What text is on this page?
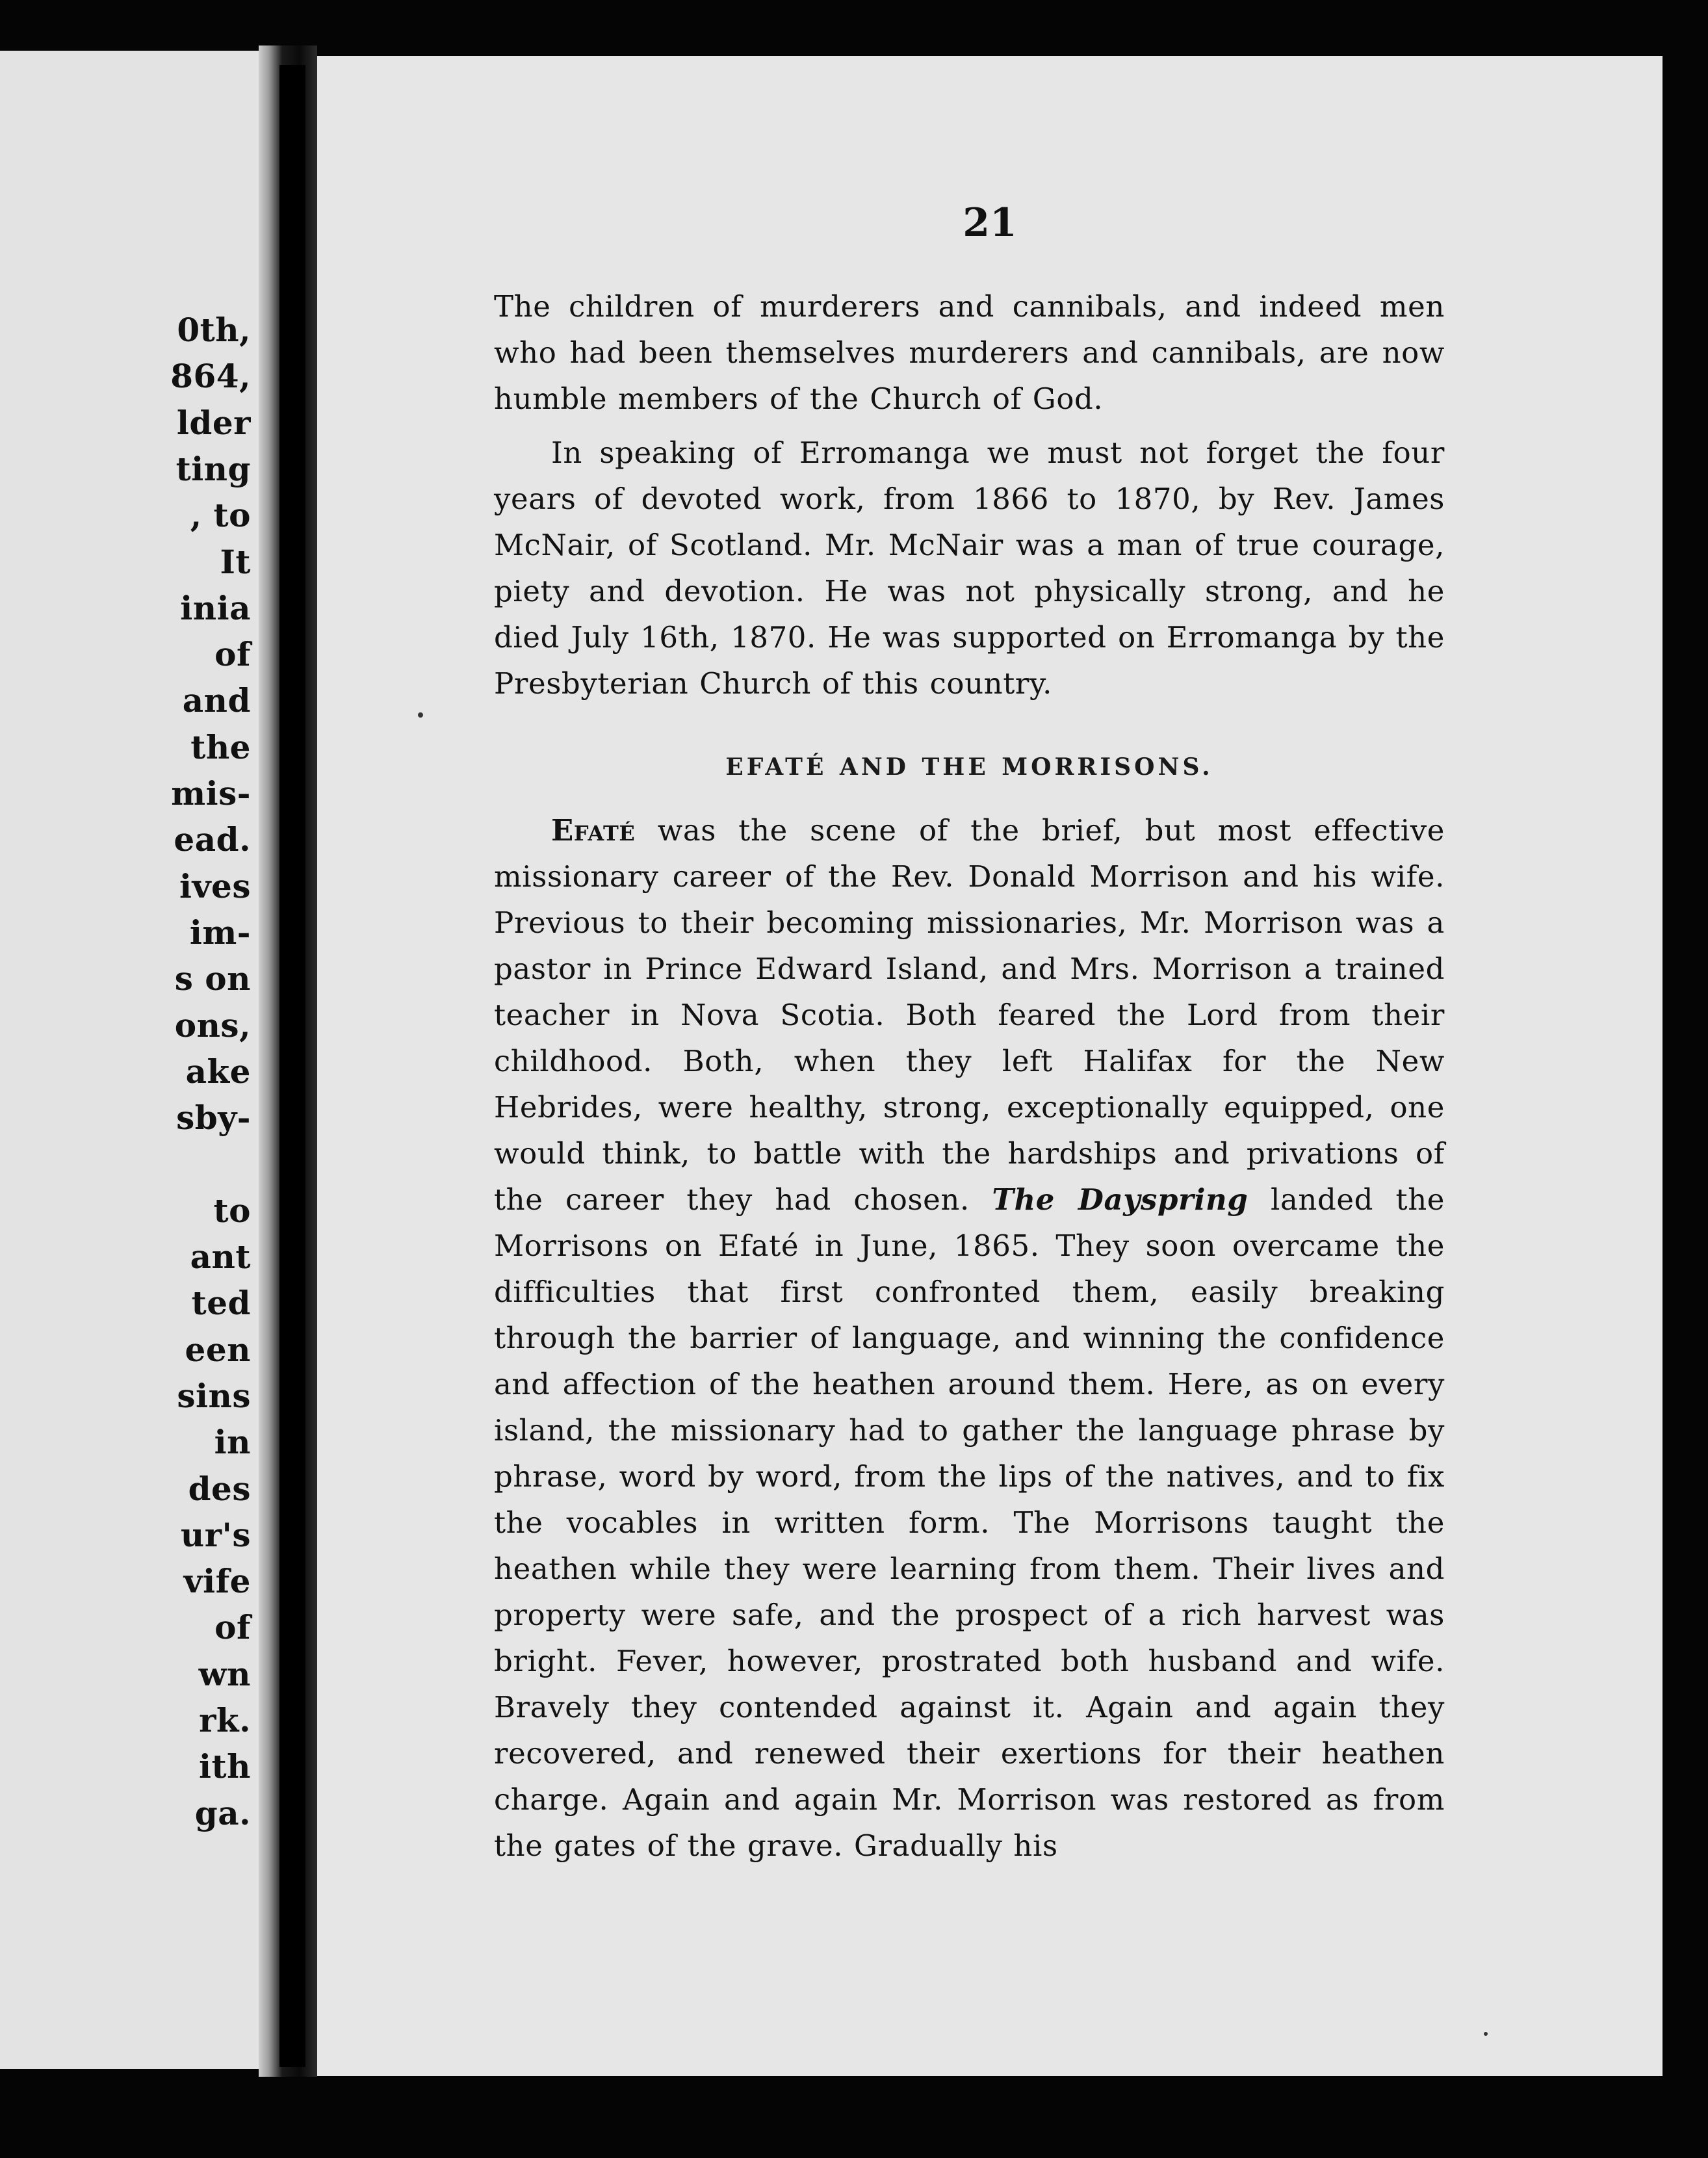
0th,
864,
lder
ting
, to
It
inia
of
and
the
mis-
ead.
ives
im-
s on
ons,
ake
sby-
to
ant
ted
een
sins
in
des
ur's
vife
of
wn
rk.
ith
ga.
21

The children of murderers and cannibals, and indeed men who had been themselves murderers and cannibals, are now humble members of the Church of God.

In speaking of Erromanga we must not forget the four years of devoted work, from 1866 to 1870, by Rev. James McNair, of Scotland. Mr. McNair was a man of true courage, piety and devotion. He was not physically strong, and he died July 16th, 1870. He was supported on Erromanga by the Presbyterian Church of this country.

EFATÉ AND THE MORRISONS.

Efaté was the scene of the brief, but most effective missionary career of the Rev. Donald Morrison and his wife. Previous to their becoming missionaries, Mr. Morrison was a pastor in Prince Edward Island, and Mrs. Morrison a trained teacher in Nova Scotia. Both feared the Lord from their childhood. Both, when they left Halifax for the New Hebrides, were healthy, strong, exceptionally equipped, one would think, to battle with the hardships and privations of the career they had chosen. The Dayspring landed the Morrisons on Efaté in June, 1865. They soon overcame the difficulties that first confronted them, easily breaking through the barrier of language, and winning the confidence and affection of the heathen around them. Here, as on every island, the missionary had to gather the language phrase by phrase, word by word, from the lips of the natives, and to fix the vocables in written form. The Morrisons taught the heathen while they were learning from them. Their lives and property were safe, and the prospect of a rich harvest was bright. Fever, however, prostrated both husband and wife. Bravely they contended against it. Again and again they recovered, and renewed their exertions for their heathen charge. Again and again Mr. Morrison was restored as from the gates of the grave. Gradually his
